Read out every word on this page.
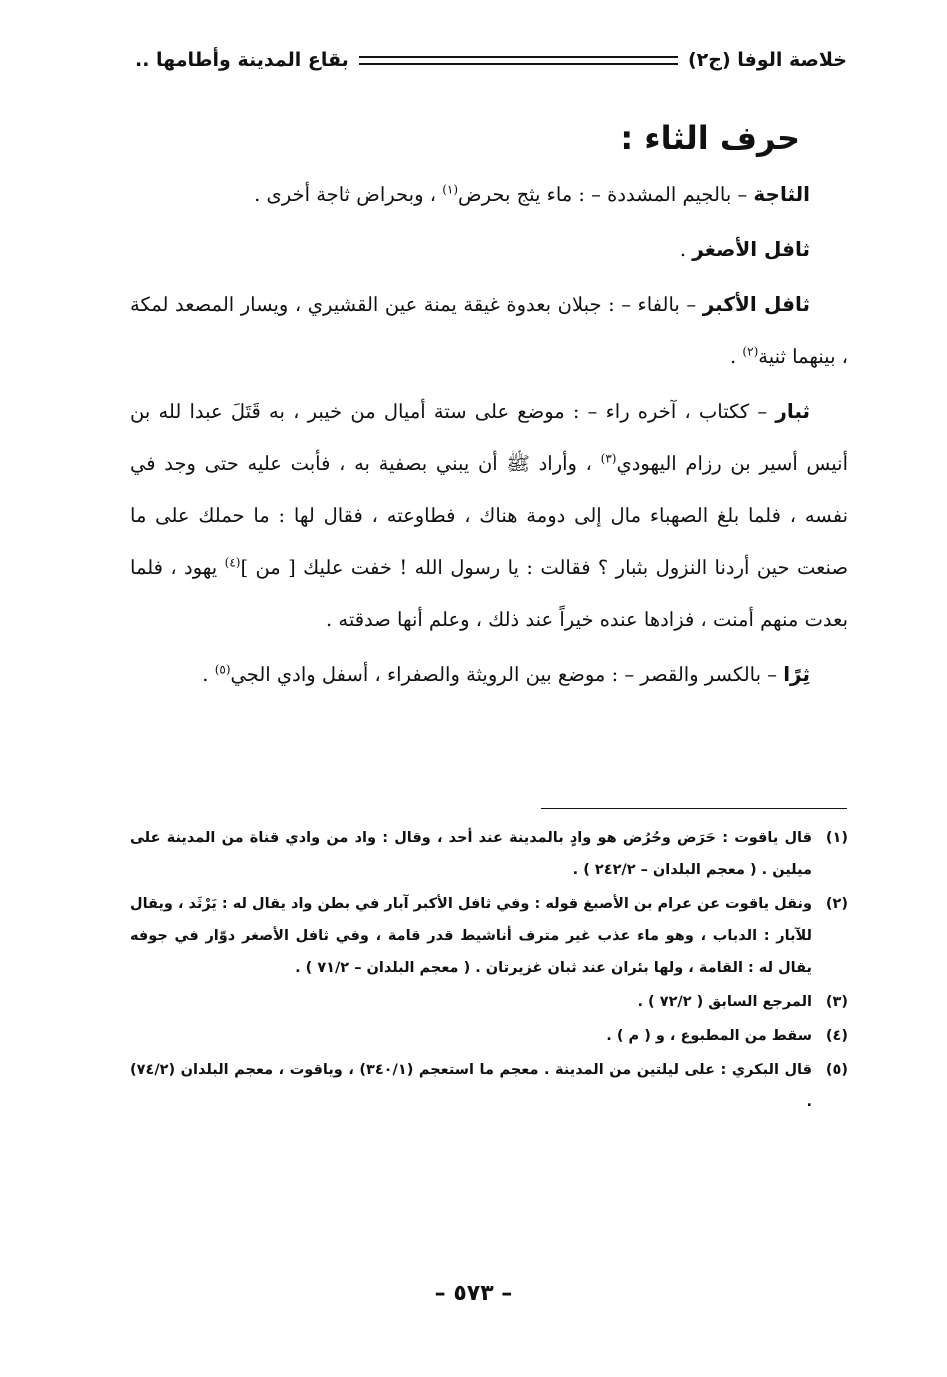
خلاصة الوفا (ج٢)
بقاع المدينة وأطامها ..
حرف الثاء :

الثاجة – بالجيم المشددة – : ماء يثج بحرض$^{(١)}$ ، وبحراض ثاجة أخرى .

ثافل الأصغر .

ثافل الأكبر – بالفاء – : جبلان بعدوة غيقة يمنة عين القشيري ، ويسار المصعد لمكة ، بينهما ثنية$^{(٢)}$ .

ثبار – ككتاب ، آخره راء – : موضع على ستة أميال من خيبر ، به قَتَلَ عبدا لله بن أنيس أسير بن رزام اليهودي$^{(٣)}$ ، وأراد ﷺ أن يبني بصفية به ، فأبت عليه حتى وجد في نفسه ، فلما بلغ الصهباء مال إلى دومة هناك ، فطاوعته ، فقال لها : ما حملك على ما صنعت حين أردنا النزول بثبار ؟ فقالت : يا رسول الله ! خفت عليك [ من ]$^{(٤)}$ يهود ، فلما بعدت منهم أمنت ، فزادها عنده خيراً عند ذلك ، وعلم أنها صدقته .

ثِرًا – بالكسر والقصر – : موضع بين الرويثة والصفراء ، أسفل وادي الجي$^{(٥)}$ .

(١)
قال ياقوت : حَرَض وحُرُض هو وادٍ بالمدينة عند أحد ، وقال : واد من وادي قناة من المدينة على ميلين . ( معجم البلدان – ٢٤٢/٢ ) .
(٢)
ونقل ياقوت عن عرام بن الأصبغ قوله : وفي ثافل الأكبر آبار في بطن واد يقال له : يَرْثَد ، ويقال للآبار : الدباب ، وهو ماء عذب غير مترف أناشيط قدر قامة ، وفي ثافل الأصغر دوّار في جوفه يقال له : القامة ، ولها بئران عند ثبان غزيرتان . ( معجم البلدان – ٧١/٢ ) .
(٣)
المرجع السابق ( ٧٢/٢ ) .
(٤)
سقط من المطبوع ، و ( م ) .
(٥)
قال البكري : على ليلتين من المدينة . معجم ما استعجم (٣٤٠/١) ، وياقوت ، معجم البلدان (٧٤/٢) .
– ٥٧٣ –
